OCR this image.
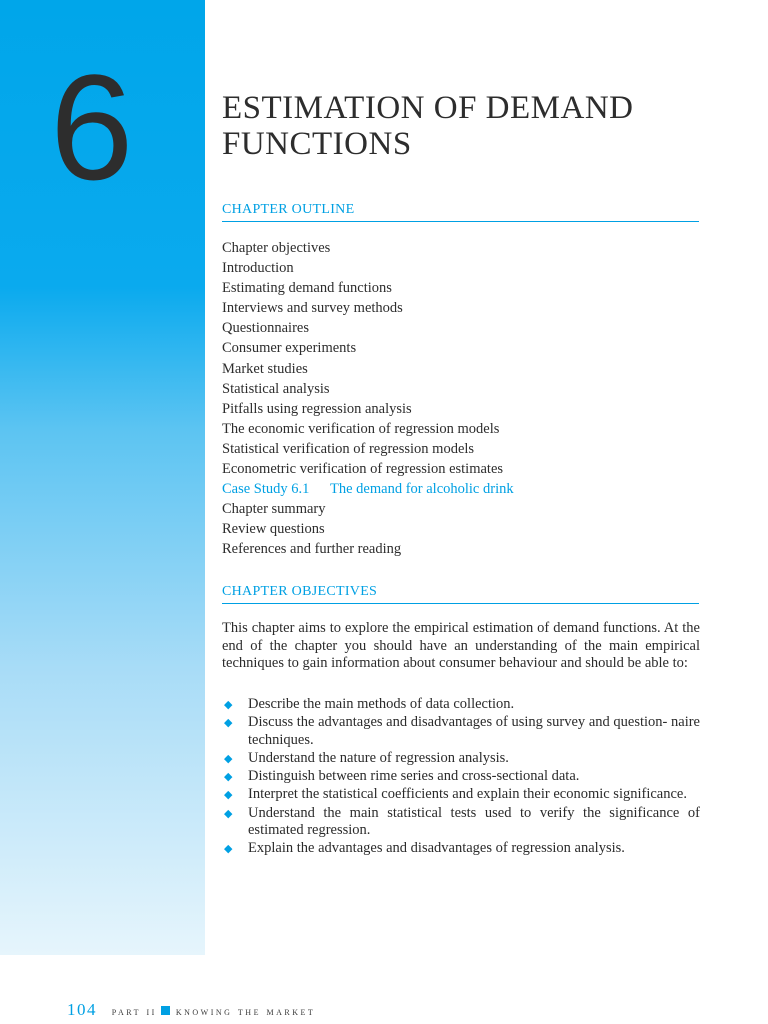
6	ESTIMATION OF DEMAND
FUNCTIONS
CHAPTER OUTLINE
Chapter objectives
Introduction
Estimating demand functions
Interviews and survey methods
Questionnaires
Consumer experiments
Market studies
Statistical analysis
Pitfalls using regression analysis
The economic verification of regression models
Statistical verification of regression models
Econometric verification of regression estimates
Case Study 6.1 The demand for alcoholic drink
Chapter summary
Review questions
References and further reading
CHAPTER OBJECTIVES

This chapter aims to explore the empirical estimation of demand functions. At the end of the chapter you should have an understanding of the main empirical techniques to gain information about consumer behaviour and should be able to:

◆ Describe the main methods of data collection.
◆ Discuss the advantages and disadvantages of using survey and question- naire techniques.
◆ Understand the nature of regression analysis.
◆ Distinguish between rime series and cross-sectional data.
◆ Interpret the statistical coefficients and explain their economic significance.
◆ Understand the main statistical tests used to verify the significance of estimated regression.
◆ Explain the advantages and disadvantages of regression analysis.
104 part ii knowing the market
